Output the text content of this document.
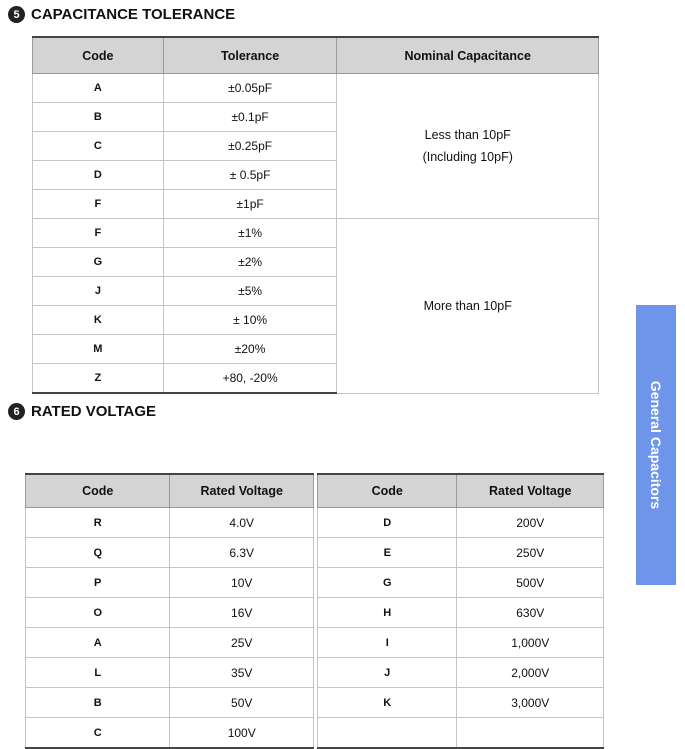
5 CAPACITANCE TOLERANCE
Code	Tolerance	Nominal Capacitance
A	±0.05pF	Less than 10pF
(Including 10pF)

B	±0.1pF	
C	±0.25pF	
D	± 0.5pF	
F	±1pF	
F	±1%	More than 10pF

G	±2%	
J	±5%	
K	± 10%	
M	±20%	
Z	+80, -20%	
6 RATED VOLTAGE
Code	Rated Voltage
R	4.0V
Q	6.3V
P	10V
O	16V
A	25V
L	35V
B	50V
C	100V
Code	Rated Voltage
D	200V
E	250V
G	500V
H	630V
I	1,000V
J	2,000V
K	3,000V

General Capacitors
